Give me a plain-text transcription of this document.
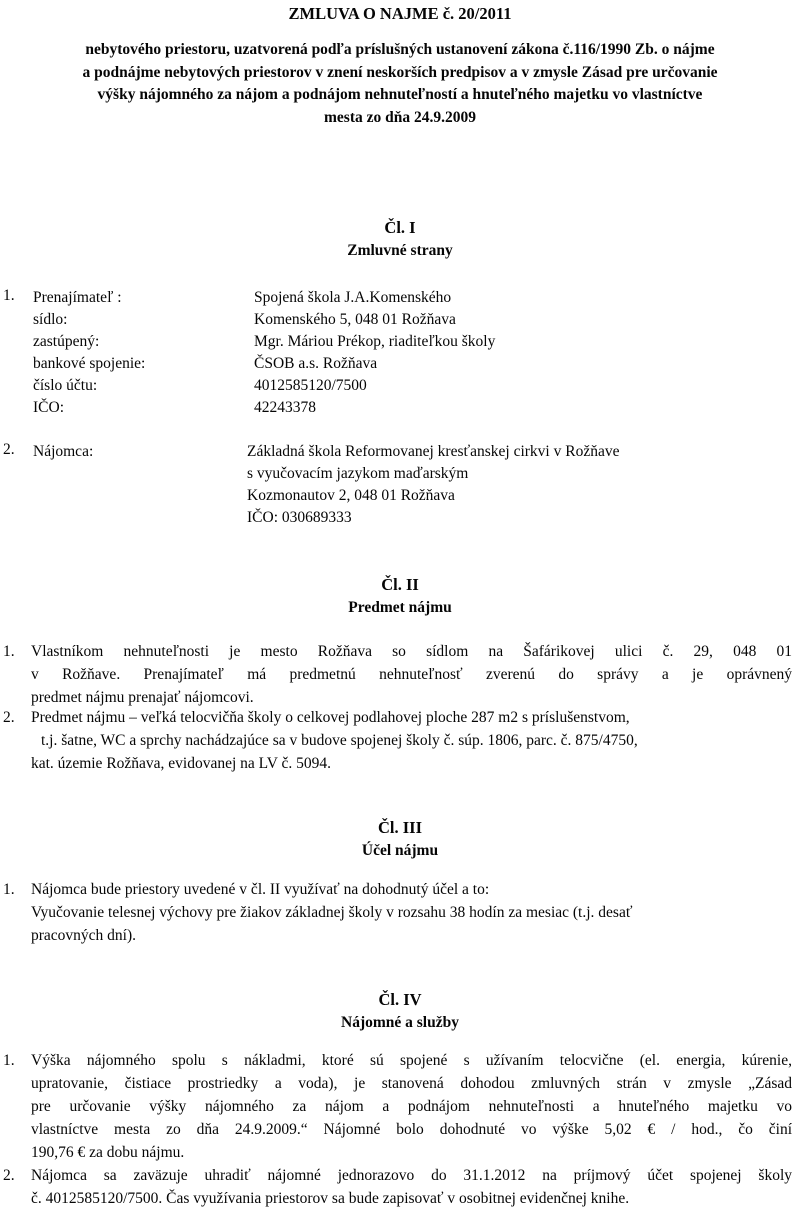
ZMLUVA O NAJME č. 20/2011
nebytového priestoru, uzatvorená podľa príslušných ustanovení zákona č.116/1990 Zb. o nájme
a podnájme nebytových priestorov v znení neskorších predpisov a v zmysle Zásad pre určovanie
výšky nájomného za nájom a podnájom nehnuteľností a hnuteľného majetku vo vlastníctve
mesta zo dňa 24.9.2009
Čl. I
Zmluvné strany
1. Prenajímateľ :	Spojená škola J.A.Komenského
sídlo:	Komenského 5, 048 01 Rožňava
zastúpený:	Mgr. Máriou Prékop, riaditeľkou školy
bankové spojenie:	ČSOB a.s. Rožňava
číslo účtu:	4012585120/7500
IČO:	42243378
2. Nájomca:	Základná škola Reformovanej kresťanskej cirkvi v Rožňave
s vyučovacím jazykom maďarským
Kozmonautov 2, 048 01 Rožňava
IČO: 030689333
Čl. II
Predmet nájmu
1. Vlastníkom nehnuteľnosti je mesto Rožňava so sídlom na Šafárikovej ulici č. 29, 048 01
v Rožňave. Prenajímateľ má predmetnú nehnuteľnosť zverenú do správy a je oprávnený
predmet nájmu prenajať nájomcovi.
2. Predmet nájmu – veľká telocvičňa školy o celkovej podlahovej ploche 287 m2 s príslušenstvom,
t.j. šatne, WC a sprchy nachádzajúce sa v budove spojenej školy č. súp. 1806, parc. č. 875/4750,
kat. územie Rožňava, evidovanej na LV č. 5094.
Čl. III
Účel nájmu
1. Nájomca bude priestory uvedené v čl. II využívať na dohodnutý účel a to:
Vyučovanie telesnej výchovy pre žiakov základnej školy v rozsahu 38 hodín za mesiac (t.j. desať
pracovných dní).
Čl. IV
Nájomné a služby
1. Výška nájomného spolu s nákladmi, ktoré sú spojené s užívaním telocvične (el. energia, kúrenie,
upratovanie, čistiace prostriedky a voda), je stanovená dohodou zmluvných strán v zmysle „Zásad
pre určovanie výšky nájomného za nájom a podnájom nehnuteľnosti a hnuteľného majetku vo
vlastníctve mesta zo dňa 24.9.2009.“ Nájomné bolo dohodnuté vo výške 5,02 € / hod., čo činí
190,76 € za dobu nájmu.
2. Nájomca sa zaväzuje uhradiť nájomné jednorazovo do 31.1.2012 na príjmový účet spojenej školy
č. 4012585120/7500. Čas využívania priestorov sa bude zapisovať v osobitnej evidenčnej knihe.
